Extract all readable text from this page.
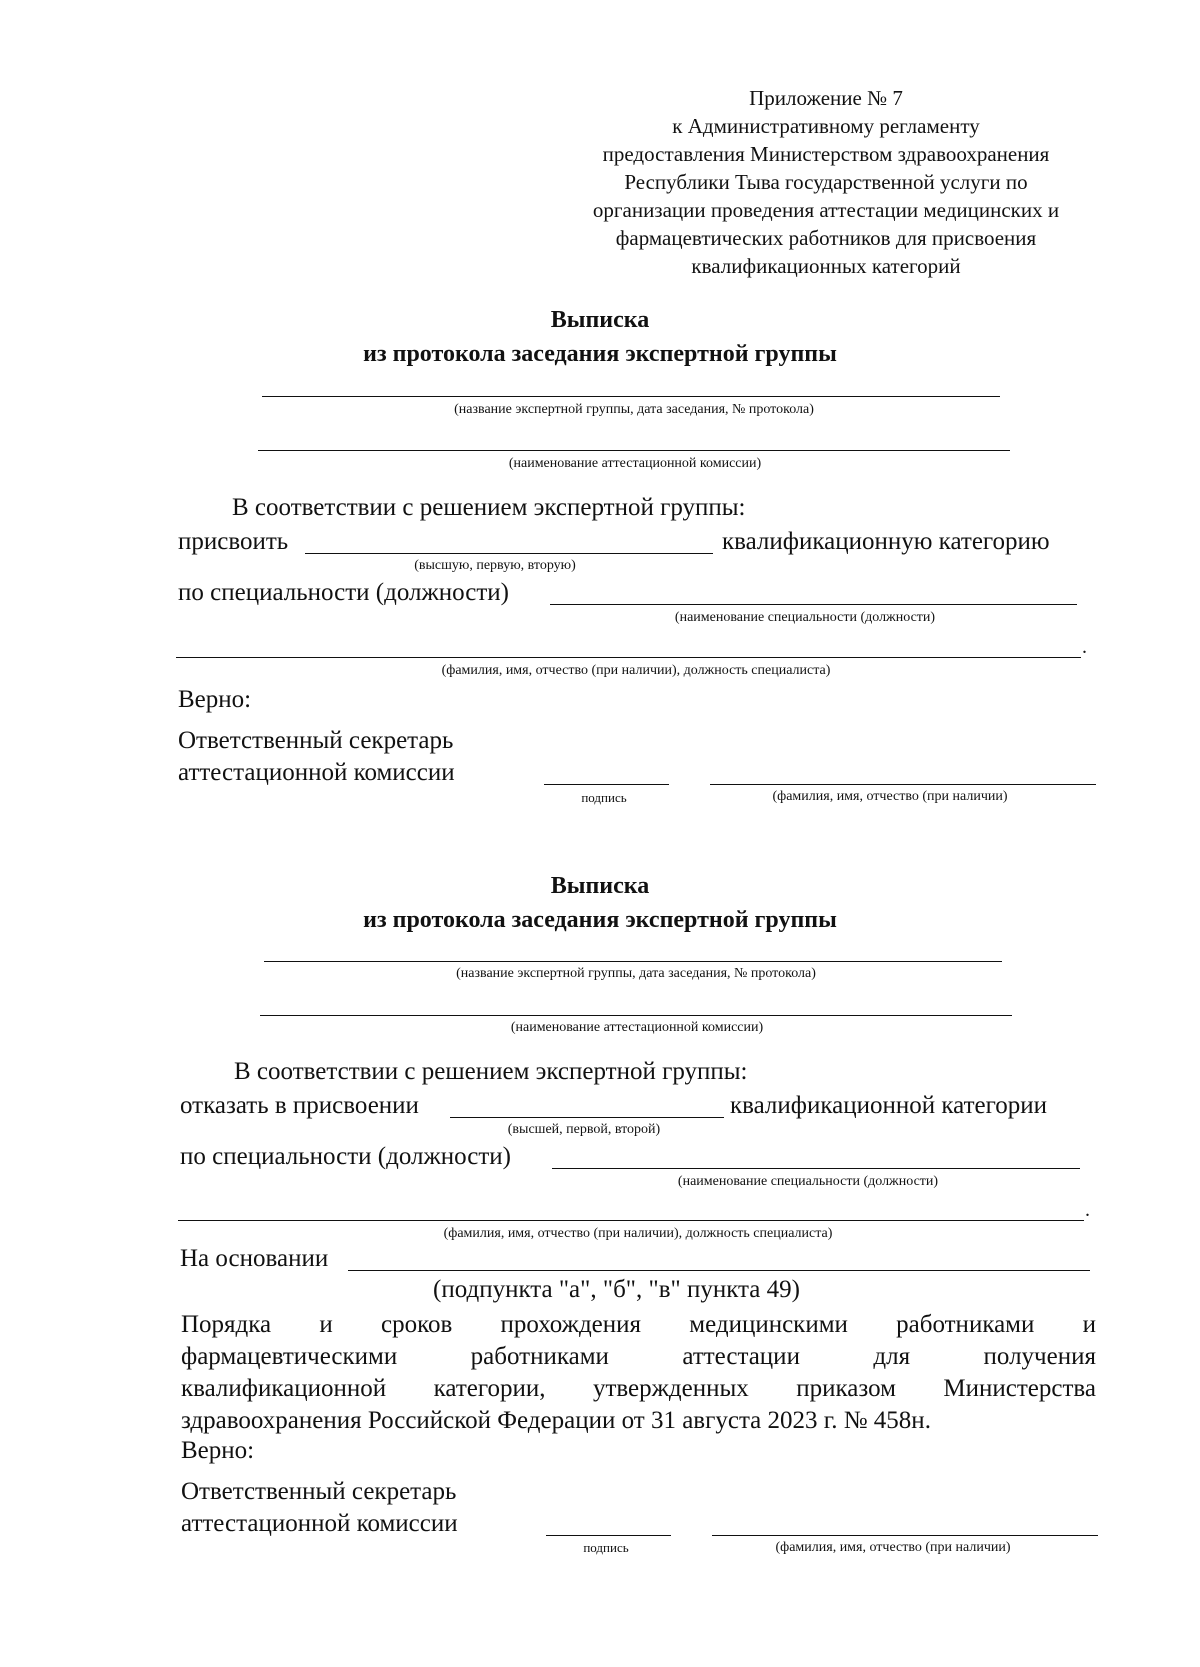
Приложение № 7
к Административному регламенту
предоставления Министерством здравоохранения
Республики Тыва государственной услуги по
организации проведения аттестации медицинских и
фармацевтических работников для присвоения
квалификационных категорий
Выписка
из протокола заседания экспертной группы
(название экспертной группы, дата заседания, № протокола)
(наименование аттестационной комиссии)
В соответствии с решением экспертной группы:
присвоить	квалификационную категорию
(высшую, первую, вторую)
по специальности (должности)
(наименование специальности (должности)
.
(фамилия, имя, отчество (при наличии), должность специалиста)
Верно:
Ответственный секретарь
аттестационной комиссии
подпись	(фамилия, имя, отчество (при наличии)
Выписка
из протокола заседания экспертной группы
(название экспертной группы, дата заседания, № протокола)
(наименование аттестационной комиссии)
В соответствии с решением экспертной группы:
отказать в присвоении	квалификационной категории
(высшей, первой, второй)
по специальности (должности)
(наименование специальности (должности)
.
(фамилия, имя, отчество (при наличии), должность специалиста)
На основании
(подпункта "а", "б", "в" пункта 49)
Порядка и сроков прохождения медицинскими работниками и
фармацевтическими работниками аттестации для получения
квалификационной категории, утвержденных приказом Министерства
здравоохранения Российской Федерации от 31 августа 2023 г. № 458н.
Верно:
Ответственный секретарь
аттестационной комиссии
подпись	(фамилия, имя, отчество (при наличии)
